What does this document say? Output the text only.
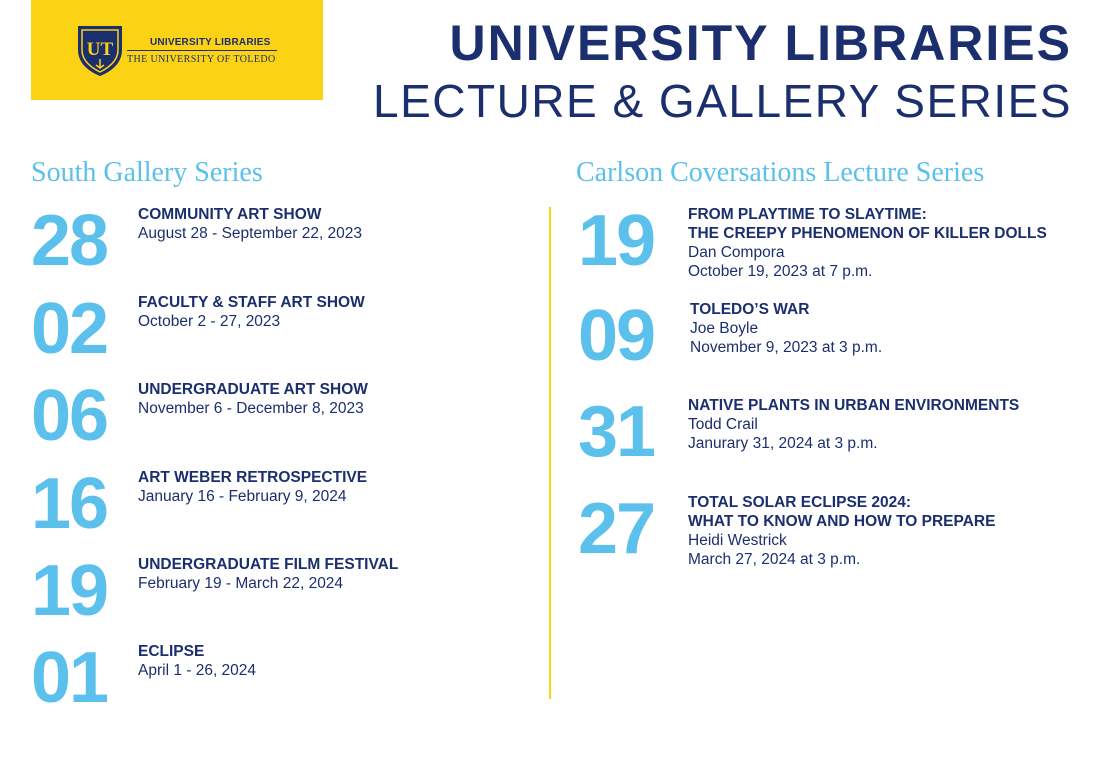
UT	UNIVERSITY LIBRARIES
THE UNIVERSITY OF TOLEDO	UNIVERSITY LIBRARIES
LECTURE & GALLERY SERIES
South Gallery Series	Carlson Coversations Lecture Series
28 COMMUNITY ART SHOW
August 28 - September 22, 2023
02 FACULTY & STAFF ART SHOW
October 2 - 27, 2023
06 UNDERGRADUATE ART SHOW
November 6 - December 8, 2023
16 ART WEBER RETROSPECTIVE
January 16 - February 9, 2024
19 UNDERGRADUATE FILM FESTIVAL
February 19 - March 22, 2024
01 ECLIPSE
April 1 - 26, 2024
19 FROM PLAYTIME TO SLAYTIME:
THE CREEPY PHENOMENON OF KILLER DOLLS
Dan Compora
October 19, 2023 at 7 p.m.
09 TOLEDO’S WAR
Joe Boyle
November 9, 2023 at 3 p.m.
31 NATIVE PLANTS IN URBAN ENVIRONMENTS
Todd Crail
Janurary 31, 2024 at 3 p.m.
27 TOTAL SOLAR ECLIPSE 2024:
WHAT TO KNOW AND HOW TO PREPARE
Heidi Westrick
March 27, 2024 at 3 p.m.
